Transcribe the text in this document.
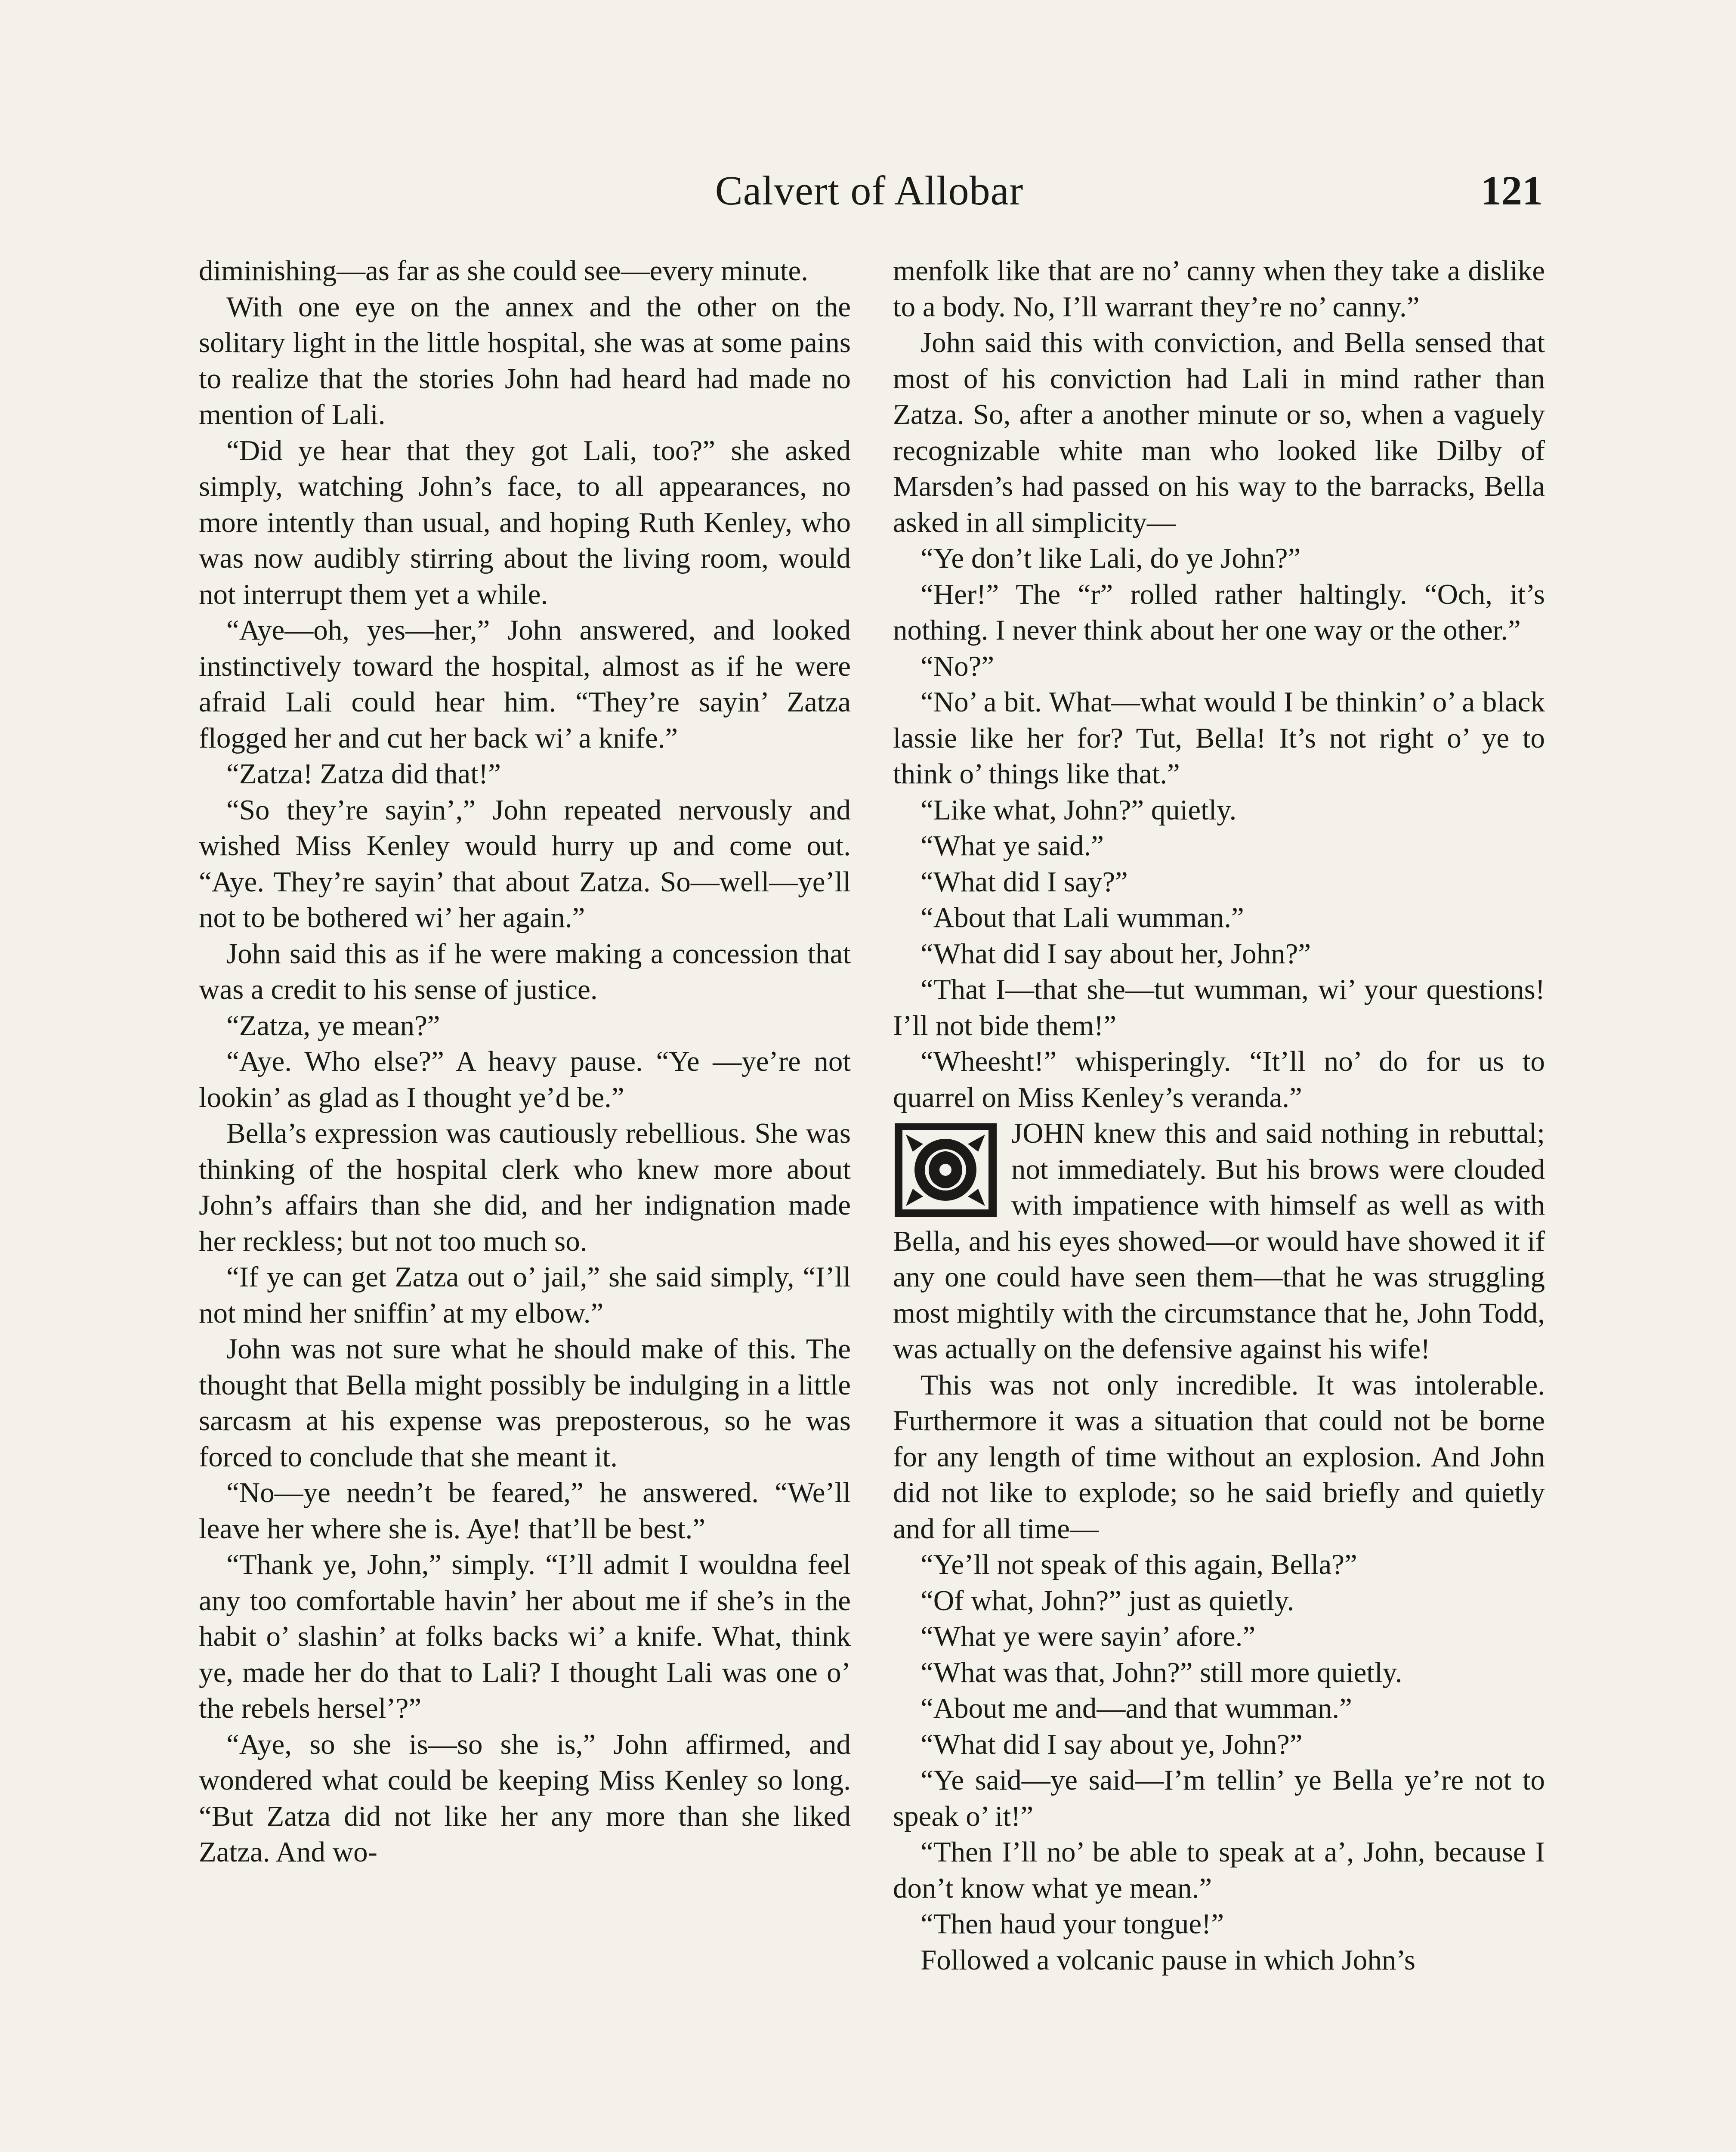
Calvert of Allobar	121

diminishing—as far as she could see—every minute.

With one eye on the annex and the other on the solitary light in the little hospital, she was at some pains to realize that the stories John had heard had made no mention of Lali.

“Did ye hear that they got Lali, too?” she asked simply, watching John’s face, to all appearances, no more intently than usual, and hoping Ruth Kenley, who was now audibly stirring about the living room, would not interrupt them yet a while.

“Aye—oh, yes—her,” John answered, and looked instinctively toward the hospital, almost as if he were afraid Lali could hear him. “They’re sayin’ Zatza flogged her and cut her back wi’ a knife.”

“Zatza! Zatza did that!”

“So they’re sayin’,” John repeated nervously and wished Miss Kenley would hurry up and come out. “Aye. They’re sayin’ that about Zatza. So—well—ye’ll not to be bothered wi’ her again.”

John said this as if he were making a concession that was a credit to his sense of justice.

“Zatza, ye mean?”

“Aye. Who else?” A heavy pause. “Ye —ye’re not lookin’ as glad as I thought ye’d be.”

Bella’s expression was cautiously rebellious. She was thinking of the hospital clerk who knew more about John’s affairs than she did, and her indignation made her reckless; but not too much so.

“If ye can get Zatza out o’ jail,” she said simply, “I’ll not mind her sniffin’ at my elbow.”

John was not sure what he should make of this. The thought that Bella might possibly be indulging in a little sarcasm at his expense was preposterous, so he was forced to conclude that she meant it.

“No—ye needn’t be feared,” he answered. “We’ll leave her where she is. Aye! that’ll be best.”

“Thank ye, John,” simply. “I’ll admit I wouldna feel any too comfortable havin’ her about me if she’s in the habit o’ slashin’ at folks backs wi’ a knife. What, think ye, made her do that to Lali? I thought Lali was one o’ the rebels hersel’?”

“Aye, so she is—so she is,” John affirmed, and wondered what could be keeping Miss Kenley so long. “But Zatza did not like her any more than she liked Zatza. And wo-

menfolk like that are no’ canny when they take a dislike to a body. No, I’ll warrant they’re no’ canny.”

John said this with conviction, and Bella sensed that most of his conviction had Lali in mind rather than Zatza. So, after a another minute or so, when a vaguely recognizable white man who looked like Dilby of Marsden’s had passed on his way to the barracks, Bella asked in all simplicity—

“Ye don’t like Lali, do ye John?”

“Her!” The “r” rolled rather haltingly. “Och, it’s nothing. I never think about her one way or the other.”

“No?”

“No’ a bit. What—what would I be thinkin’ o’ a black lassie like her for? Tut, Bella! It’s not right o’ ye to think o’ things like that.”

“Like what, John?” quietly.

“What ye said.”

“What did I say?”

“About that Lali wumman.”

“What did I say about her, John?”

“That I—that she—tut wumman, wi’ your questions! I’ll not bide them!”

“Wheesht!” whisperingly. “It’ll no’ do for us to quarrel on Miss Kenley’s veranda.”

JOHN knew this and said nothing in rebuttal; not immediately. But his brows were clouded with impatience with himself as well as with Bella, and his eyes showed—or would have showed it if any one could have seen them—that he was struggling most mightily with the circumstance that he, John Todd, was actually on the defensive against his wife!

This was not only incredible. It was intolerable. Furthermore it was a situation that could not be borne for any length of time without an explosion. And John did not like to explode; so he said briefly and quietly and for all time—

“Ye’ll not speak of this again, Bella?”

“Of what, John?” just as quietly.

“What ye were sayin’ afore.”

“What was that, John?” still more quietly.

“About me and—and that wumman.”

“What did I say about ye, John?”

“Ye said—ye said—I’m tellin’ ye Bella ye’re not to speak o’ it!”

“Then I’ll no’ be able to speak at a’, John, because I don’t know what ye mean.”

“Then haud your tongue!”

Followed a volcanic pause in which John’s
